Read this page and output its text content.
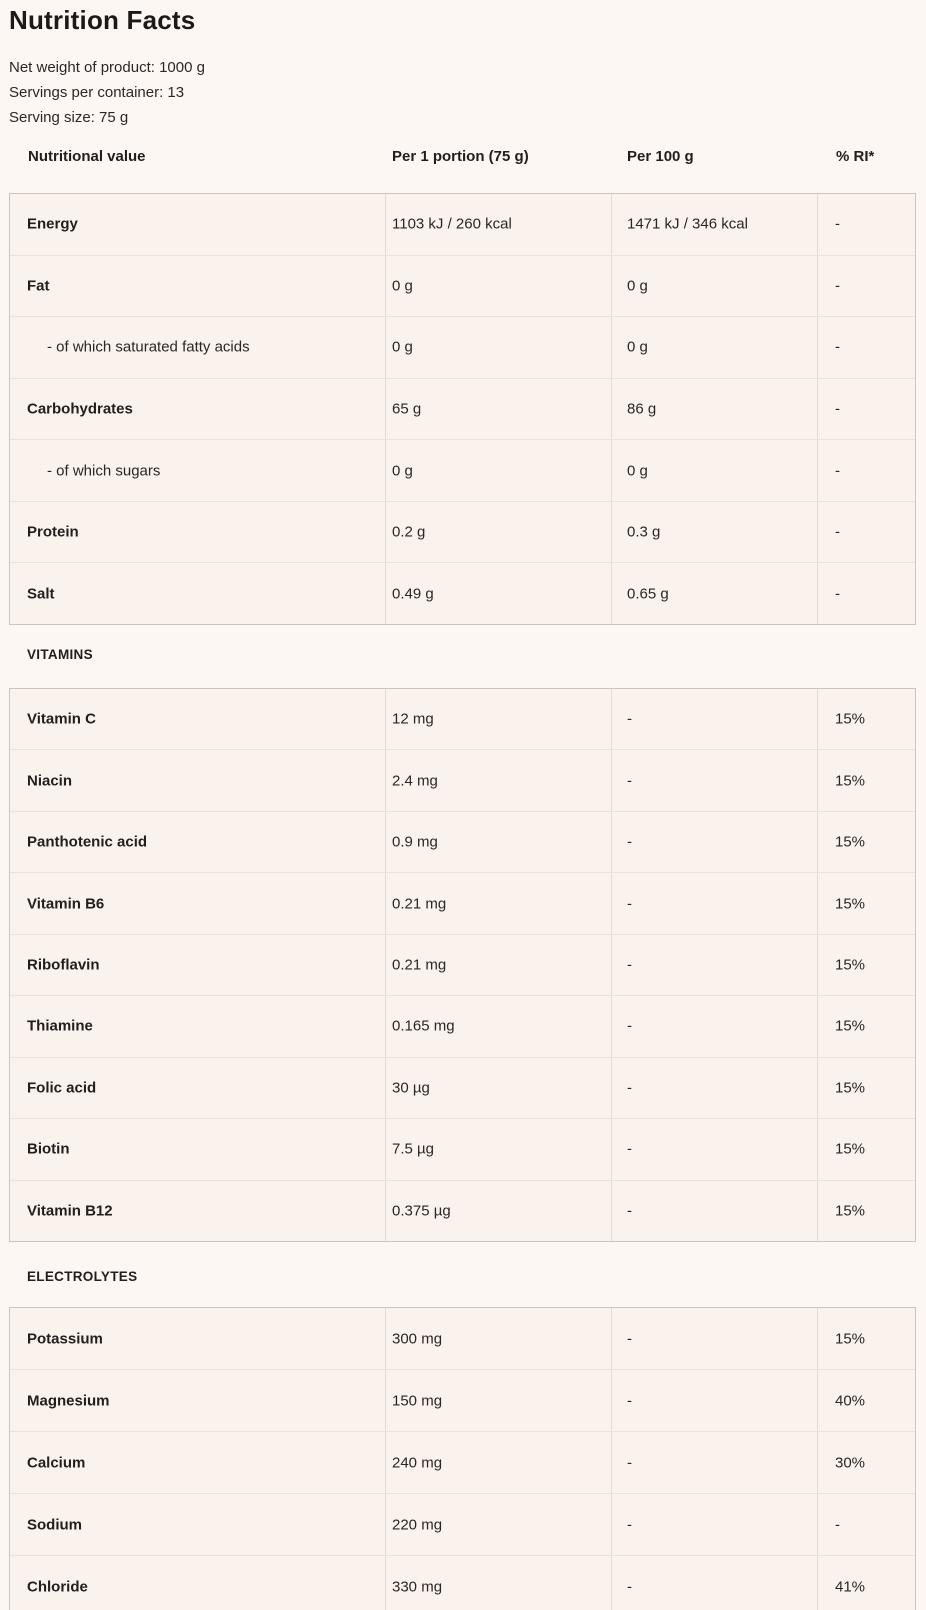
Nutrition Facts
Net weight of product: 1000 g
Servings per container: 13
Serving size: 75 g
Nutritional value	Per 1 portion (75 g)	Per 100 g	% RI*
Energy	1103 kJ / 260 kcal	1471 kJ / 346 kcal	-
Fat	0 g	0 g	-
- of which saturated fatty acids	0 g	0 g	-
Carbohydrates	65 g	86 g	-
- of which sugars	0 g	0 g	-
Protein	0.2 g	0.3 g	-
Salt	0.49 g	0.65 g	-
VITAMINS
Vitamin C	12 mg	-	15%
Niacin	2.4 mg	-	15%
Panthotenic acid	0.9 mg	-	15%
Vitamin B6	0.21 mg	-	15%
Riboflavin	0.21 mg	-	15%
Thiamine	0.165 mg	-	15%
Folic acid	30 µg	-	15%
Biotin	7.5 µg	-	15%
Vitamin B12	0.375 µg	-	15%
ELECTROLYTES
Potassium	300 mg	-	15%
Magnesium	150 mg	-	40%
Calcium	240 mg	-	30%
Sodium	220 mg	-	-
Chloride	330 mg	-	41%
